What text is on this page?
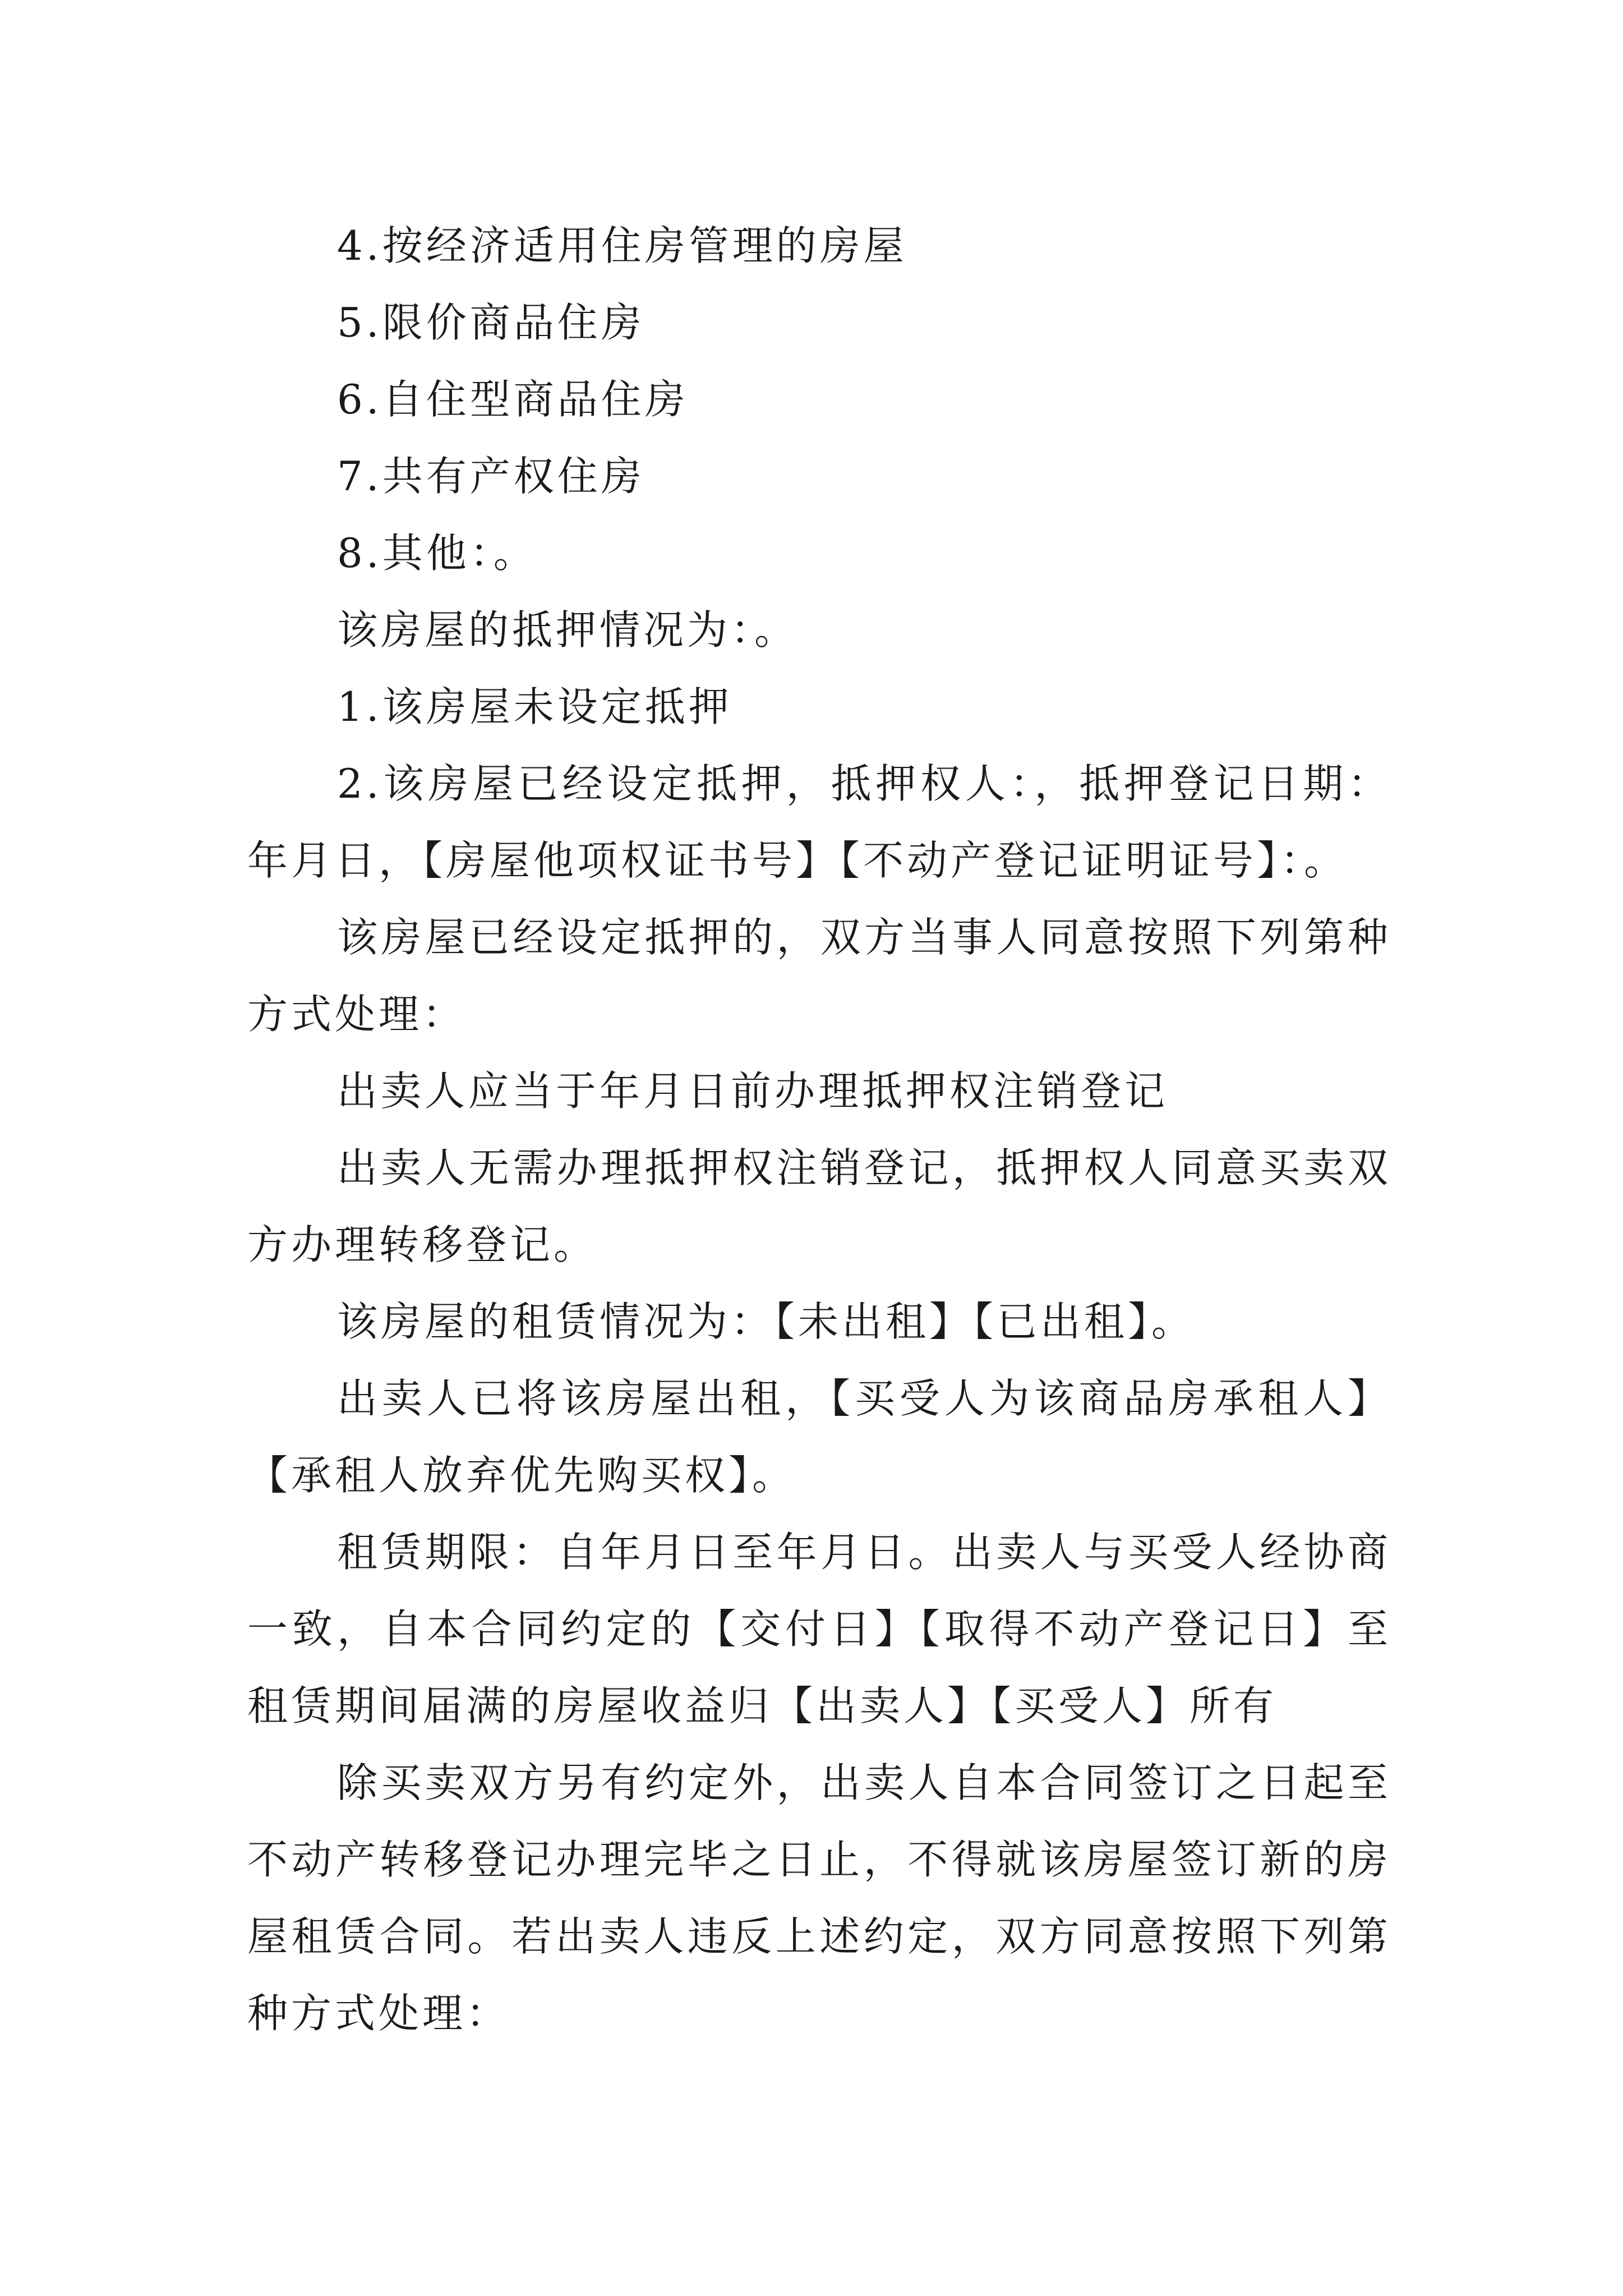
4.按经济适用住房管理的房屋

5.限价商品住房

6.自住型商品住房

7.共有产权住房

8.其他：。

该房屋的抵押情况为：。

1.该房屋未设定抵押

2.该房屋已经设定抵押，抵押权人：，抵押登记日期：年月日，【房屋他项权证书号】【不动产登记证明证号】：。

该房屋已经设定抵押的，双方当事人同意按照下列第种方式处理：

出卖人应当于年月日前办理抵押权注销登记

出卖人无需办理抵押权注销登记，抵押权人同意买卖双方办理转移登记。

该房屋的租赁情况为：【未出租】【已出租】。

出卖人已将该房屋出租，【买受人为该商品房承租人】【承租人放弃优先购买权】。

租赁期限：自年月日至年月日。出卖人与买受人经协商一致，自本合同约定的【交付日】【取得不动产登记日】至租赁期间届满的房屋收益归【出卖人】【买受人】所有

除买卖双方另有约定外，出卖人自本合同签订之日起至不动产转移登记办理完毕之日止，不得就该房屋签订新的房屋租赁合同。若出卖人违反上述约定，双方同意按照下列第种方式处理：
